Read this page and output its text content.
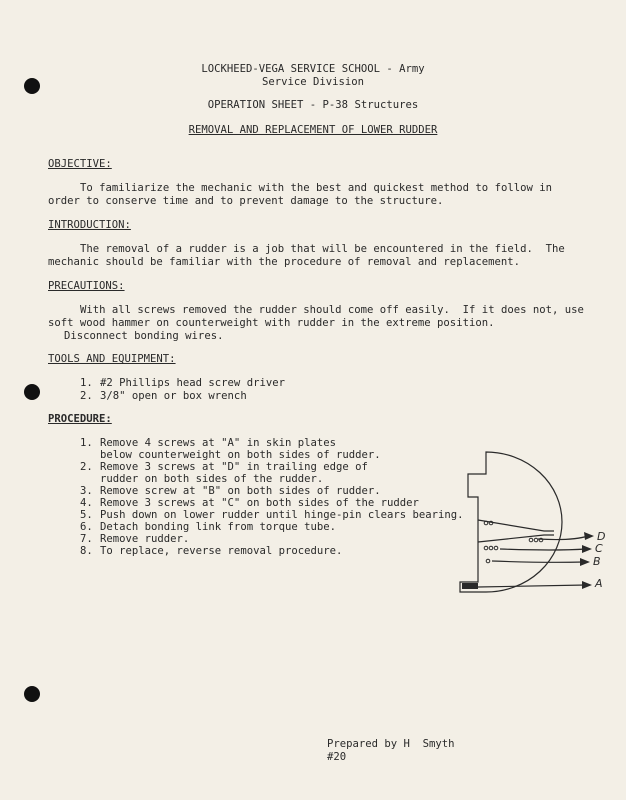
LOCKHEED-VEGA SERVICE SCHOOL - Army
Service Division
OPERATION SHEET - P-38 Structures
REMOVAL AND REPLACEMENT OF LOWER RUDDER
OBJECTIVE:
To familiarize the mechanic with the best and quickest method to follow in
order to conserve time and to prevent damage to the structure.
INTRODUCTION:
The removal of a rudder is a job that will be encountered in the field.  The
mechanic should be familiar with the procedure of removal and replacement.
PRECAUTIONS:
With all screws removed the rudder should come off easily.  If it does not, use
soft wood hammer on counterweight with rudder in the extreme position.
Disconnect bonding wires.
TOOLS AND EQUIPMENT:
1. #2 Phillips head screw driver
2. 3/8" open or box wrench
PROCEDURE:
1. Remove 4 screws at "A" in skin plates
below counterweight on both sides of rudder.
2. Remove 3 screws at "D" in trailing edge of
rudder on both sides of the rudder.
3. Remove screw at "B" on both sides of rudder.
4. Remove 3 screws at "C" on both sides of the rudder
5. Push down on lower rudder until hinge-pin clears bearing.
6. Detach bonding link from torque tube.
7. Remove rudder.
8. To replace, reverse removal procedure.
D
C
B
A
Prepared by H  Smyth
#20
